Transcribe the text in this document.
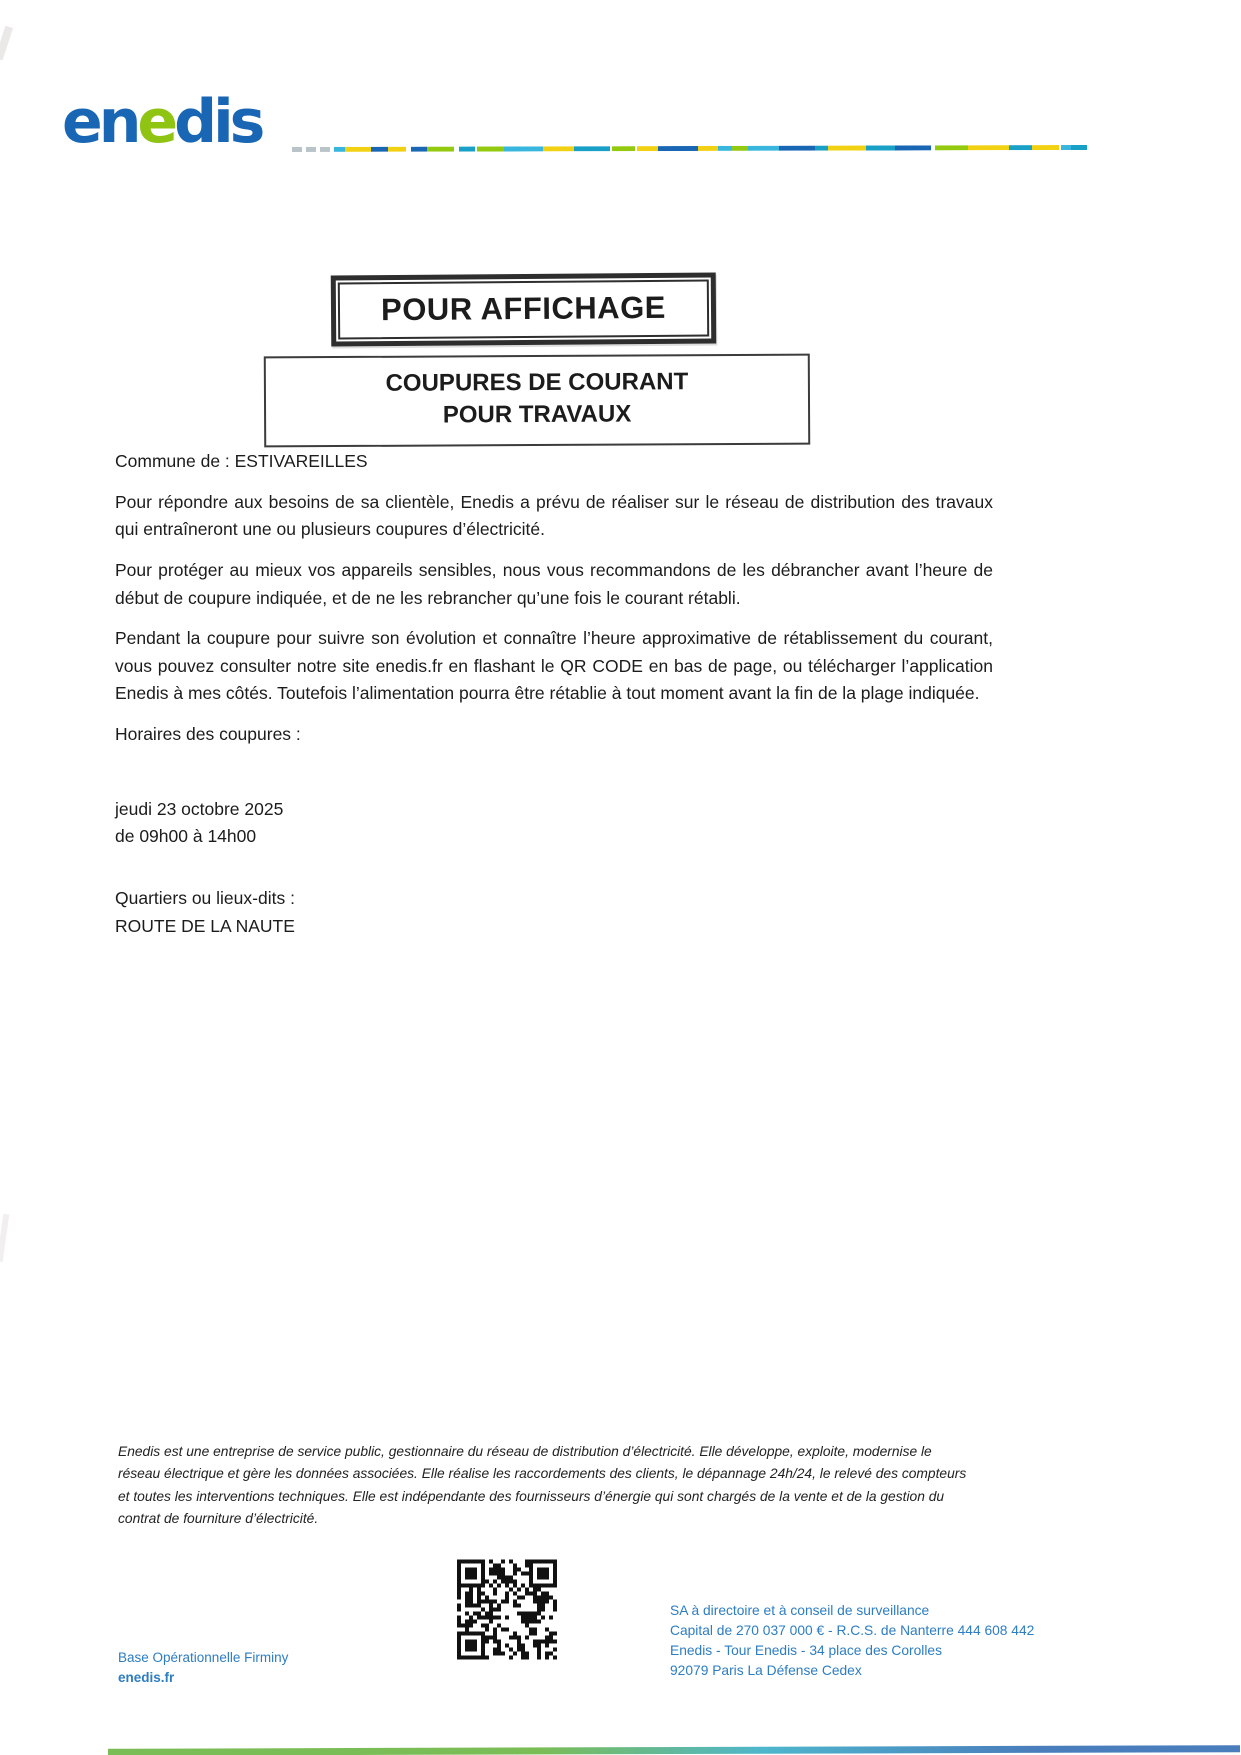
enedis
POUR AFFICHAGE
COUPURES DE COURANT
POUR TRAVAUX

Commune de : ESTIVAREILLES

Pour répondre aux besoins de sa clientèle, Enedis a prévu de réaliser sur le réseau de distribution des travaux qui entraîneront une ou plusieurs coupures d’électricité.

Pour protéger au mieux vos appareils sensibles, nous vous recommandons de les débrancher avant l’heure de début de coupure indiquée, et de ne les rebrancher qu’une fois le courant rétabli.

Pendant la coupure pour suivre son évolution et connaître l’heure approximative de rétablissement du courant, vous pouvez consulter notre site enedis.fr en flashant le QR CODE en bas de page, ou télécharger l’application Enedis à mes côtés. Toutefois l’alimentation pourra être rétablie à tout moment avant la fin de la plage indiquée.

Horaires des coupures :

jeudi 23 octobre 2025
de 09h00 à 14h00
Quartiers ou lieux-dits :
ROUTE DE LA NAUTE
Enedis est une entreprise de service public, gestionnaire du réseau de distribution d’électricité. Elle développe, exploite, modernise le réseau électrique et gère les données associées. Elle réalise les raccordements des clients, le dépannage 24h/24, le relevé des compteurs et toutes les interventions techniques. Elle est indépendante des fournisseurs d’énergie qui sont chargés de la vente et de la gestion du contrat de fourniture d’électricité.
Base Opérationnelle Firminy
enedis.fr
SA à directoire et à conseil de surveillance
Capital de 270 037 000 € - R.C.S. de Nanterre 444 608 442
Enedis - Tour Enedis - 34 place des Corolles
92079 Paris La Défense Cedex
